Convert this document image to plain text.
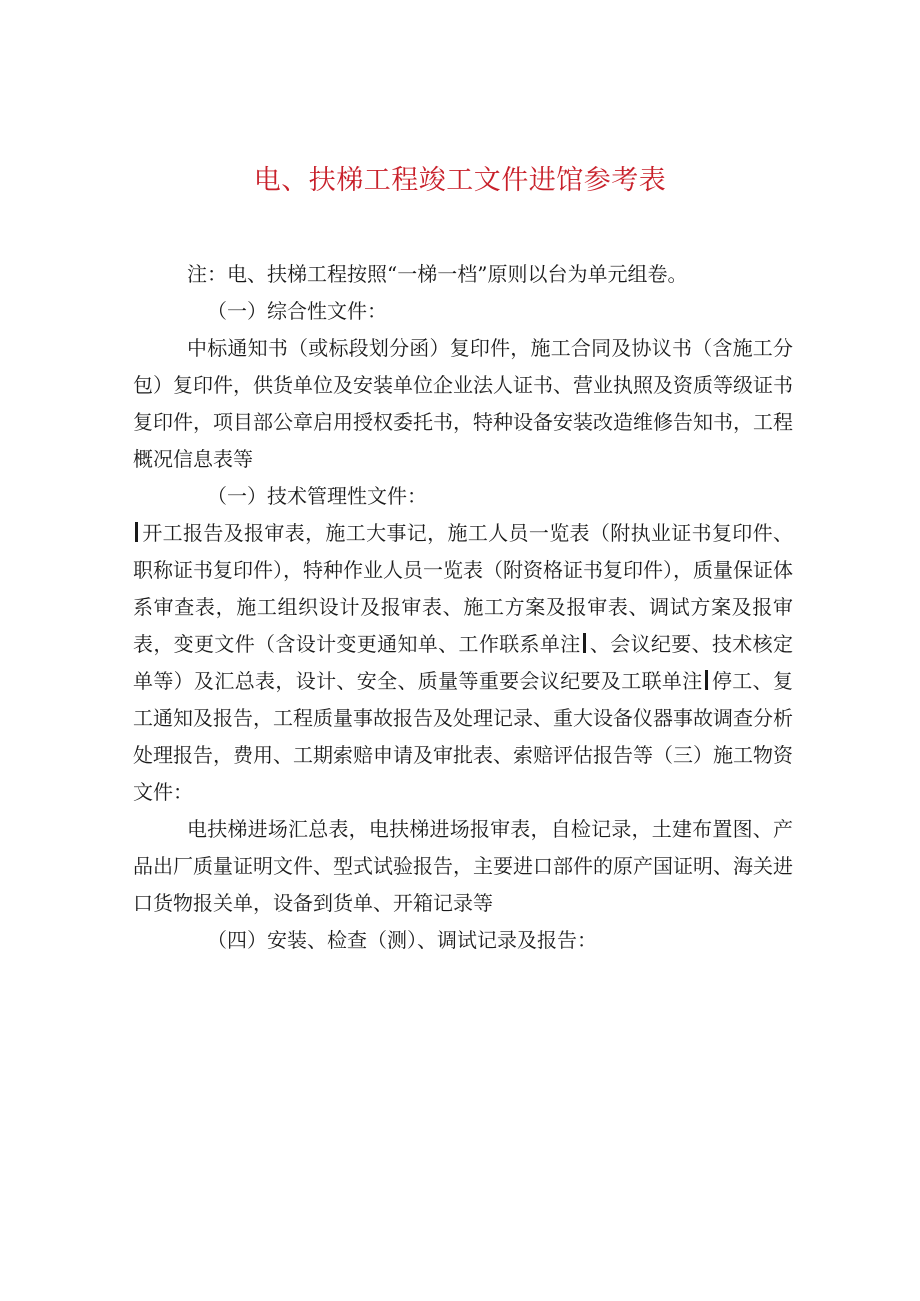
电、扶梯工程竣工文件进馆参考表

注：电、扶梯工程按照“一梯一档”原则以台为单元组卷。

（一）综合性文件：

中标通知书（或标段划分函）复印件，施工合同及协议书（含施工分包）复印件，供货单位及安装单位企业法人证书、营业执照及资质等级证书复印件，项目部公章启用授权委托书，特种设备安装改造维修告知书，工程概况信息表等

（一）技术管理性文件：

开工报告及报审表，施工大事记，施工人员一览表（附执业证书复印件、职称证书复印件），特种作业人员一览表（附资格证书复印件），质量保证体系审查表，施工组织设计及报审表、施工方案及报审表、调试方案及报审表，变更文件（含设计变更通知单、工作联系单注 、会议纪要、技术核定单等）及汇总表，设计、安全、质量等重要会议纪要及工联单注 停工、复工通知及报告，工程质量事故报告及处理记录、重大设备仪器事故调查分析处理报告，费用、工期索赔申请及审批表、索赔评估报告等（三）施工物资文件：

电扶梯进场汇总表，电扶梯进场报审表，自检记录，土建布置图、产品出厂质量证明文件、型式试验报告，主要进口部件的原产国证明、海关进口货物报关单，设备到货单、开箱记录等

（四）安装、检查（测）、调试记录及报告：
